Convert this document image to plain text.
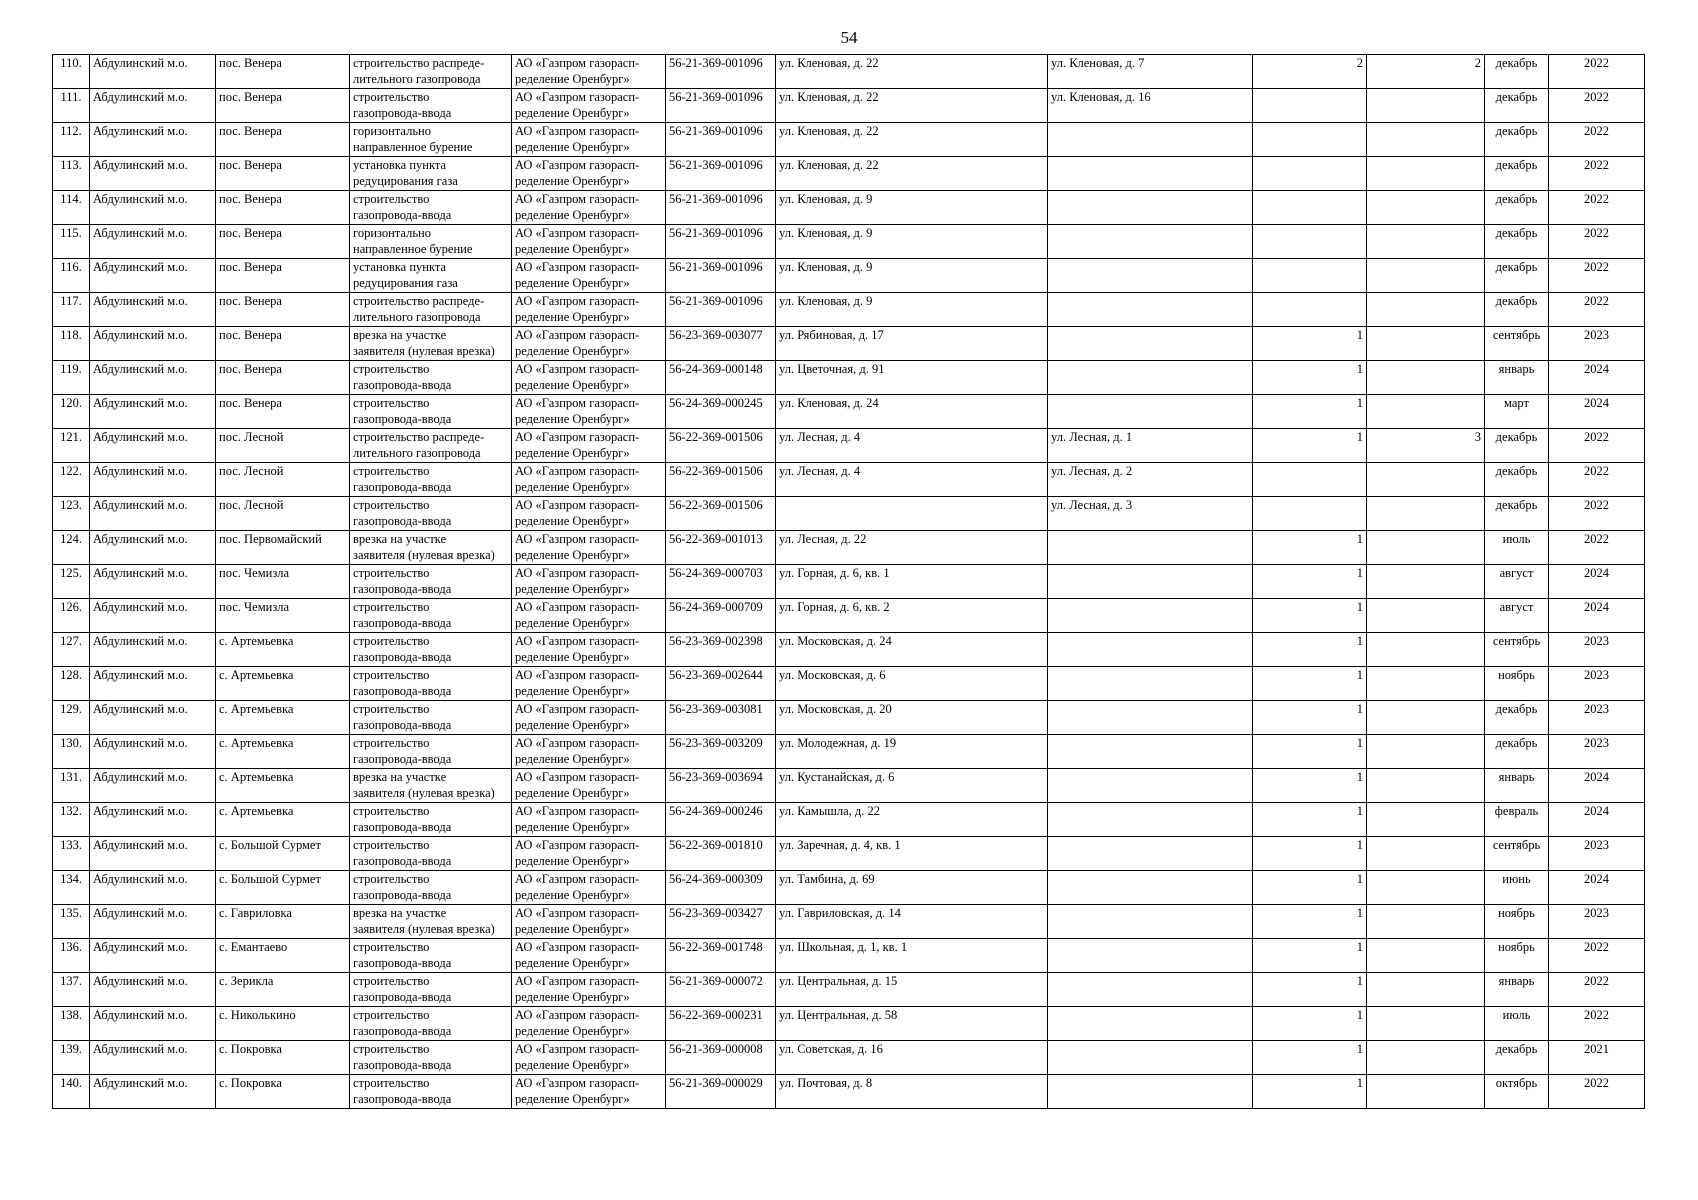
54
110.	Абдулинский м.о.	пос. Венера	строительство распреде-
лительного газопровода	АО «Газпром газорасп-
ределение Оренбург»	56-21-369-001096	ул. Кленовая, д. 22	ул. Кленовая, д. 7	2	2	декабрь	2022
111.	Абдулинский м.о.	пос. Венера	строительство
газопровода-ввода	АО «Газпром газорасп-
ределение Оренбург»	56-21-369-001096	ул. Кленовая, д. 22	ул. Кленовая, д. 16			декабрь	2022
112.	Абдулинский м.о.	пос. Венера	горизонтально
направленное бурение	АО «Газпром газорасп-
ределение Оренбург»	56-21-369-001096	ул. Кленовая, д. 22				декабрь	2022
113.	Абдулинский м.о.	пос. Венера	установка пункта
редуцирования газа	АО «Газпром газорасп-
ределение Оренбург»	56-21-369-001096	ул. Кленовая, д. 22				декабрь	2022
114.	Абдулинский м.о.	пос. Венера	строительство
газопровода-ввода	АО «Газпром газорасп-
ределение Оренбург»	56-21-369-001096	ул. Кленовая, д. 9				декабрь	2022
115.	Абдулинский м.о.	пос. Венера	горизонтально
направленное бурение	АО «Газпром газорасп-
ределение Оренбург»	56-21-369-001096	ул. Кленовая, д. 9				декабрь	2022
116.	Абдулинский м.о.	пос. Венера	установка пункта
редуцирования газа	АО «Газпром газорасп-
ределение Оренбург»	56-21-369-001096	ул. Кленовая, д. 9				декабрь	2022
117.	Абдулинский м.о.	пос. Венера	строительство распреде-
лительного газопровода	АО «Газпром газорасп-
ределение Оренбург»	56-21-369-001096	ул. Кленовая, д. 9				декабрь	2022
118.	Абдулинский м.о.	пос. Венера	врезка на участке
заявителя (нулевая врезка)	АО «Газпром газорасп-
ределение Оренбург»	56-23-369-003077	ул. Рябиновая, д. 17		1		сентябрь	2023
119.	Абдулинский м.о.	пос. Венера	строительство
газопровода-ввода	АО «Газпром газорасп-
ределение Оренбург»	56-24-369-000148	ул. Цветочная, д. 91		1		январь	2024
120.	Абдулинский м.о.	пос. Венера	строительство
газопровода-ввода	АО «Газпром газорасп-
ределение Оренбург»	56-24-369-000245	ул. Кленовая, д. 24		1		март	2024
121.	Абдулинский м.о.	пос. Лесной	строительство распреде-
лительного газопровода	АО «Газпром газорасп-
ределение Оренбург»	56-22-369-001506	ул. Лесная, д. 4	ул. Лесная, д. 1	1	3	декабрь	2022
122.	Абдулинский м.о.	пос. Лесной	строительство
газопровода-ввода	АО «Газпром газорасп-
ределение Оренбург»	56-22-369-001506	ул. Лесная, д. 4	ул. Лесная, д. 2			декабрь	2022
123.	Абдулинский м.о.	пос. Лесной	строительство
газопровода-ввода	АО «Газпром газорасп-
ределение Оренбург»	56-22-369-001506		ул. Лесная, д. 3			декабрь	2022
124.	Абдулинский м.о.	пос. Первомайский	врезка на участке
заявителя (нулевая врезка)	АО «Газпром газорасп-
ределение Оренбург»	56-22-369-001013	ул. Лесная, д. 22		1		июль	2022
125.	Абдулинский м.о.	пос. Чемизла	строительство
газопровода-ввода	АО «Газпром газорасп-
ределение Оренбург»	56-24-369-000703	ул. Горная, д. 6, кв. 1		1		август	2024
126.	Абдулинский м.о.	пос. Чемизла	строительство
газопровода-ввода	АО «Газпром газорасп-
ределение Оренбург»	56-24-369-000709	ул. Горная, д. 6, кв. 2		1		август	2024
127.	Абдулинский м.о.	с. Артемьевка	строительство
газопровода-ввода	АО «Газпром газорасп-
ределение Оренбург»	56-23-369-002398	ул. Московская, д. 24		1		сентябрь	2023
128.	Абдулинский м.о.	с. Артемьевка	строительство
газопровода-ввода	АО «Газпром газорасп-
ределение Оренбург»	56-23-369-002644	ул. Московская, д. 6		1		ноябрь	2023
129.	Абдулинский м.о.	с. Артемьевка	строительство
газопровода-ввода	АО «Газпром газорасп-
ределение Оренбург»	56-23-369-003081	ул. Московская, д. 20		1		декабрь	2023
130.	Абдулинский м.о.	с. Артемьевка	строительство
газопровода-ввода	АО «Газпром газорасп-
ределение Оренбург»	56-23-369-003209	ул. Молодежная, д. 19		1		декабрь	2023
131.	Абдулинский м.о.	с. Артемьевка	врезка на участке
заявителя (нулевая врезка)	АО «Газпром газорасп-
ределение Оренбург»	56-23-369-003694	ул. Кустанайская, д. 6		1		январь	2024
132.	Абдулинский м.о.	с. Артемьевка	строительство
газопровода-ввода	АО «Газпром газорасп-
ределение Оренбург»	56-24-369-000246	ул. Камышла, д. 22		1		февраль	2024
133.	Абдулинский м.о.	с. Большой Сурмет	строительство
газопровода-ввода	АО «Газпром газорасп-
ределение Оренбург»	56-22-369-001810	ул. Заречная, д. 4, кв. 1		1		сентябрь	2023
134.	Абдулинский м.о.	с. Большой Сурмет	строительство
газопровода-ввода	АО «Газпром газорасп-
ределение Оренбург»	56-24-369-000309	ул. Тамбина, д. 69		1		июнь	2024
135.	Абдулинский м.о.	с. Гавриловка	врезка на участке
заявителя (нулевая врезка)	АО «Газпром газорасп-
ределение Оренбург»	56-23-369-003427	ул. Гавриловская, д. 14		1		ноябрь	2023
136.	Абдулинский м.о.	с. Емантаево	строительство
газопровода-ввода	АО «Газпром газорасп-
ределение Оренбург»	56-22-369-001748	ул. Школьная, д. 1, кв. 1		1		ноябрь	2022
137.	Абдулинский м.о.	с. Зерикла	строительство
газопровода-ввода	АО «Газпром газорасп-
ределение Оренбург»	56-21-369-000072	ул. Центральная, д. 15		1		январь	2022
138.	Абдулинский м.о.	с. Николькино	строительство
газопровода-ввода	АО «Газпром газорасп-
ределение Оренбург»	56-22-369-000231	ул. Центральная, д. 58		1		июль	2022
139.	Абдулинский м.о.	с. Покровка	строительство
газопровода-ввода	АО «Газпром газорасп-
ределение Оренбург»	56-21-369-000008	ул. Советская, д. 16		1		декабрь	2021
140.	Абдулинский м.о.	с. Покровка	строительство
газопровода-ввода	АО «Газпром газорасп-
ределение Оренбург»	56-21-369-000029	ул. Почтовая, д. 8		1		октябрь	2022
